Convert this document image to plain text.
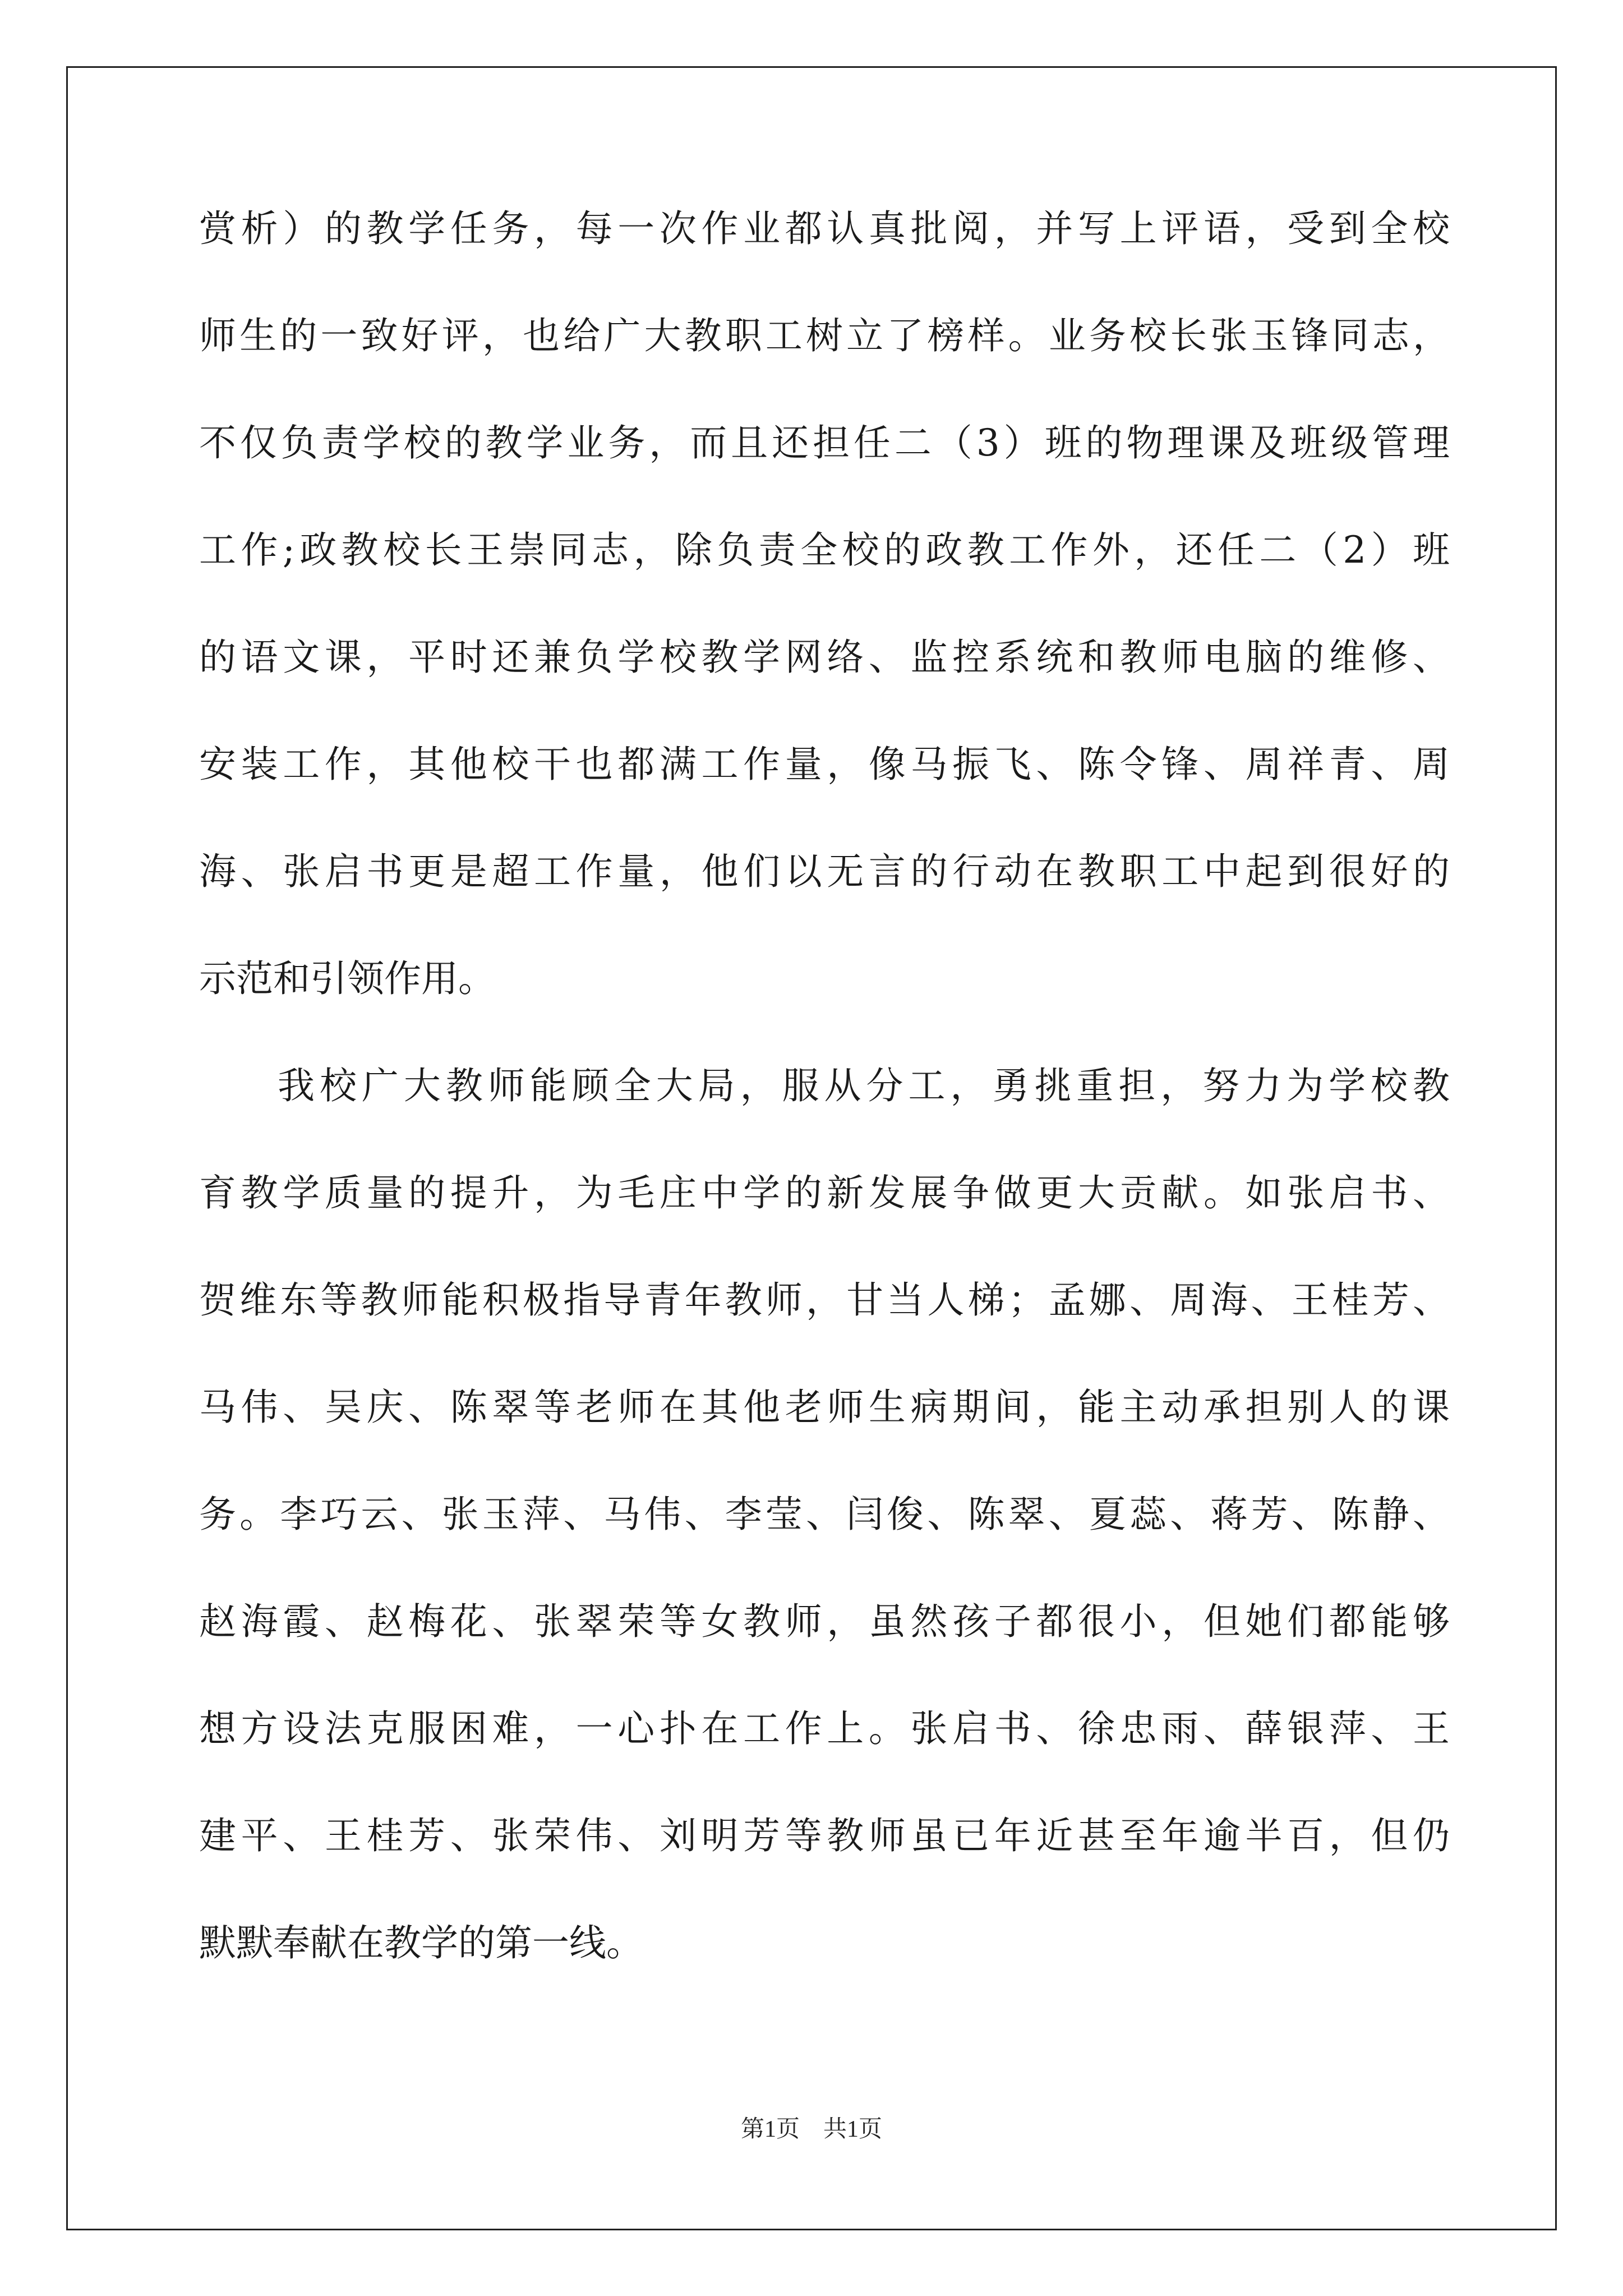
赏析）的教学任务，每一次作业都认真批阅，并写上评语，受到全校
师生的一致好评，也给广大教职工树立了榜样。业务校长张玉锋同志，
不仅负责学校的教学业务，而且还担任二（3）班的物理课及班级管理
工作;政教校长王崇同志，除负责全校的政教工作外，还任二（2）班
的语文课，平时还兼负学校教学网络、监控系统和教师电脑的维修、
安装工作，其他校干也都满工作量，像马振飞、陈令锋、周祥青、周
海、张启书更是超工作量，他们以无言的行动在教职工中起到很好的
示范和引领作用。
我校广大教师能顾全大局，服从分工，勇挑重担，努力为学校教
育教学质量的提升，为毛庄中学的新发展争做更大贡献。如张启书、
贺维东等教师能积极指导青年教师，甘当人梯；孟娜、周海、王桂芳、
马伟、吴庆、陈翠等老师在其他老师生病期间，能主动承担别人的课
务。李巧云、张玉萍、马伟、李莹、闫俊、陈翠、夏蕊、蒋芳、陈静、
赵海霞、赵梅花、张翠荣等女教师，虽然孩子都很小，但她们都能够
想方设法克服困难，一心扑在工作上。张启书、徐忠雨、薛银萍、王
建平、王桂芳、张荣伟、刘明芳等教师虽已年近甚至年逾半百，但仍
默默奉献在教学的第一线。
第1页　共1页
